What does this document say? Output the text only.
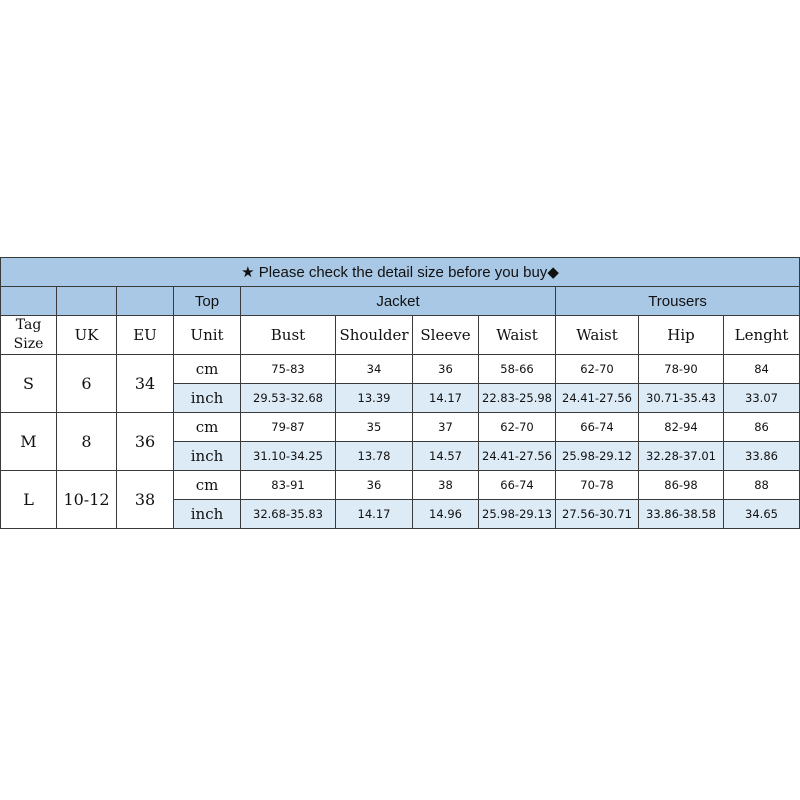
★ Please check the detail size before you buy◆										
			Top	Jacket				Trousers		
Tag
Size	UK	EU	Unit	Bust	Shoulder	Sleeve	Waist	Waist	Hip	Lenght
S	6	34	cm	75-83	34	36	58-66	62-70	78-90	84
			inch	29.53-32.68	13.39	14.17	22.83-25.98	24.41-27.56	30.71-35.43	33.07
M	8	36	cm	79-87	35	37	62-70	66-74	82-94	86
			inch	31.10-34.25	13.78	14.57	24.41-27.56	25.98-29.12	32.28-37.01	33.86
L	10-12	38	cm	83-91	36	38	66-74	70-78	86-98	88
			inch	32.68-35.83	14.17	14.96	25.98-29.13	27.56-30.71	33.86-38.58	34.65
